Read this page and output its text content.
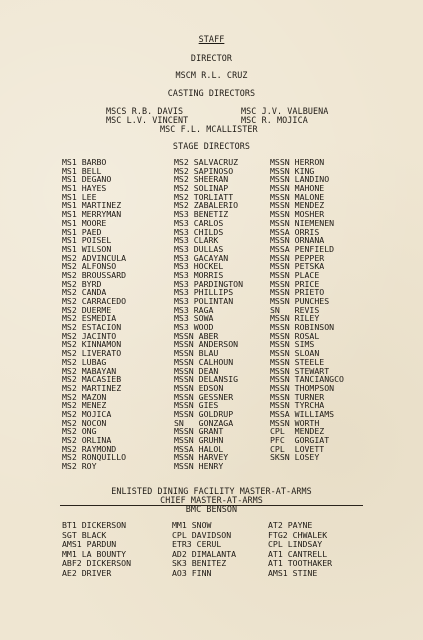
STAFF
DIRECTOR
MSCM R.L. CRUZ
CASTING DIRECTORS
MSCS R.B. DAVIS	MSC J.V. VALBUENA
MSC L.V. VINCENT	MSC R. MOJICA
MSC F.L. MCALLISTER
STAGE DIRECTORS
MS1 BARBO
MS1 BELL
MS1 DEGANO
MS1 HAYES
MS1 LEE
MS1 MARTINEZ
MS1 MERRYMAN
MS1 MOORE
MS1 PAED
MS1 POISEL
MS1 WILSON
MS2 ADVINCULA
MS2 ALFONSO
MS2 BROUSSARD
MS2 BYRD
MS2 CANDA
MS2 CARRACEDO
MS2 DUERME
MS2 ESMEDIA
MS2 ESTACION
MS2 JACINTO
MS2 KINNAMON
MS2 LIVERATO
MS2 LUBAG
MS2 MABAYAN
MS2 MACASIEB
MS2 MARTINEZ
MS2 MAZON
MS2 MENEZ
MS2 MOJICA
MS2 NOCON
MS2 ONG
MS2 ORLINA
MS2 RAYMOND
MS2 RONQUILLO
MS2 ROY
MS2 SALVACRUZ
MS2 SAPINOSO
MS2 SHEERAN
MS2 SOLINAP
MS2 TORLIATT
MS2 ZABALERIO
MS3 BENETIZ
MS3 CARLOS
MS3 CHILDS
MS3 CLARK
MS3 DULLAS
MS3 GACAYAN
MS3 HOCKEL
MS3 MORRIS
MS3 PARDINGTON
MS3 PHILLIPS
MS3 POLINTAN
MS3 RAGA
MS3 SOWA
MS3 WOOD
MSSN ABER
MSSN ANDERSON
MSSN BLAU
MSSN CALHOUN
MSSN DEAN
MSSN DELANSIG
MSSN EDSON
MSSN GESSNER
MSSN GIES
MSSN GOLDRUP
SN   GONZAGA
MSSN GRANT
MSSN GRUHN
MSSA HALOL
MSSN HARVEY
MSSN HENRY
MSSN HERRON
MSSN KING
MSSN LANDINO
MSSN MAHONE
MSSN MALONE
MSSN MENDEZ
MSSN MOSHER
MSSN NIEMENEN
MSSA ORRIS
MSSN ORNANA
MSSA PENFIELD
MSSN PEPPER
MSSN PETSKA
MSSN PLACE
MSSN PRICE
MSSN PRIETO
MSSN PUNCHES
SN   REVIS
MSSN RILEY
MSSN ROBINSON
MSSN ROSAL
MSSN SIMS
MSSN SLOAN
MSSN STEELE
MSSN STEWART
MSSN TANCIANGCO
MSSN THOMPSON
MSSN TURNER
MSSN TYRCHA
MSSA WILLIAMS
MSSN WORTH
CPL  MENDEZ
PFC  GORGIAT
CPL  LOVETT
SKSN LOSEY
ENLISTED DINING FACILITY MASTER-AT-ARMS
CHIEF MASTER-AT-ARMS
BMC BENSON
BT1 DICKERSON
SGT BLACK
AMS1 PARDUN
MM1 LA BOUNTY
ABF2 DICKERSON
AE2 DRIVER
MM1 SNOW
CPL DAVIDSON
ETR3 CERUL
AD2 DIMALANTA
SK3 BENITEZ
AO3 FINN
AT2 PAYNE
FTG2 CHWALEK
CPL LINDSAY
AT1 CANTRELL
AT1 TOOTHAKER
AMS1 STINE
